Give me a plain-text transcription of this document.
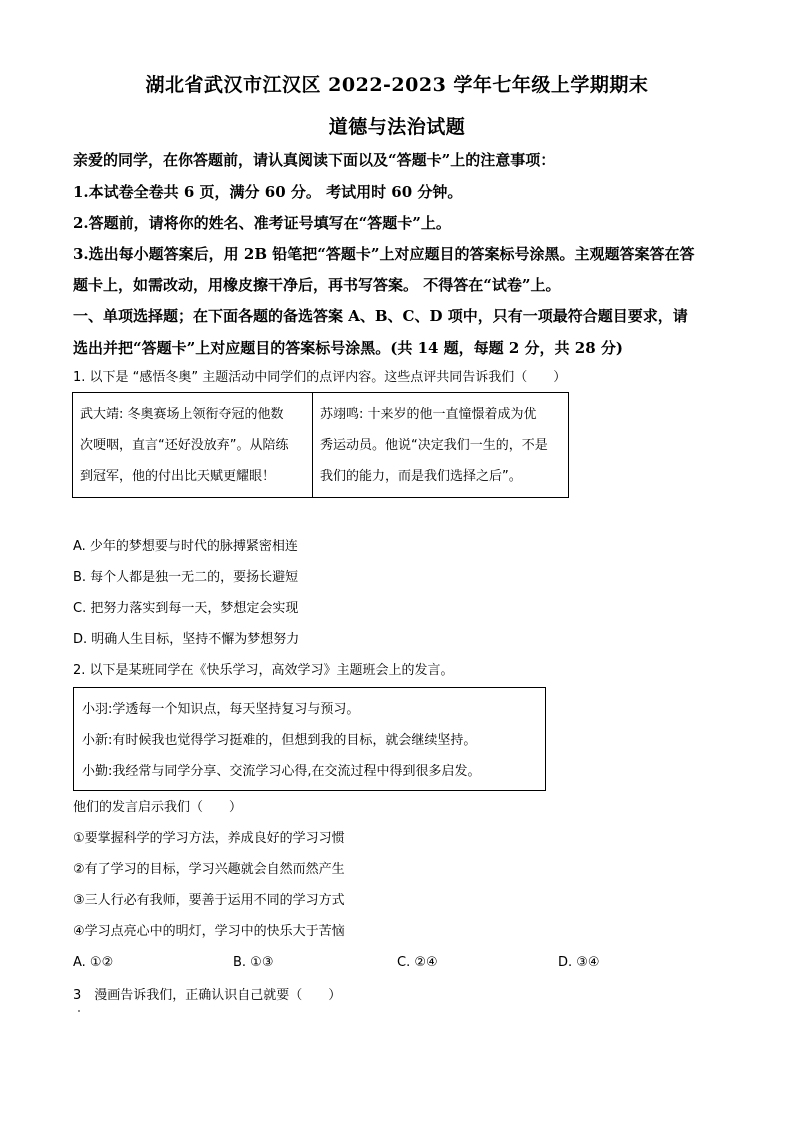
湖北省武汉市江汉区 2022-2023 学年七年级上学期期末
道德与法治试题
亲爱的同学，在你答题前，请认真阅读下面以及“答题卡”上的注意事项：
1.本试卷全卷共 6 页，满分 60 分。 考试用时 60 分钟。
2.答题前，请将你的姓名、准考证号填写在“答题卡”上。
3.选出每小题答案后，用 2B 铅笔把“答题卡”上对应题目的答案标号涂黑。主观题答案答在答
题卡上，如需改动，用橡皮擦干净后，再书写答案。 不得答在“试卷”上。
一、单项选择题；在下面各题的备选答案 A、B、C、D 项中，只有一项最符合题目要求，请
选出并把“答题卡”上对应题目的答案标号涂黑。(共 14 题，每题 2 分，共 28 分)
1. 以下是 “感悟冬奥” 主题活动中同学们的点评内容。这些点评共同告诉我们（　　）
武大靖: 冬奥赛场上领衔夺冠的他数
次哽咽，直言“还好没放弃”。从陪练
到冠军，他的付出比天赋更耀眼！
苏翊鸣: 十来岁的他一直憧憬着成为优
秀运动员。他说“决定我们一生的，不是
我们的能力，而是我们选择之后”。
A. 少年的梦想要与时代的脉搏紧密相连
B. 每个人都是独一无二的，要扬长避短
C. 把努力落实到每一天，梦想定会实现
D. 明确人生目标，坚持不懈为梦想努力
2. 以下是某班同学在《快乐学习，高效学习》主题班会上的发言。
小羽:学透每一个知识点，每天坚持复习与预习。
小新:有时候我也觉得学习挺难的，但想到我的目标，就会继续坚持。
小勤:我经常与同学分享、交流学习心得,在交流过程中得到很多启发。
他们的发言启示我们（　　）
①要掌握科学的学习方法，养成良好的学习习惯
②有了学习的目标，学习兴趣就会自然而然产生
③三人行必有我师，要善于运用不同的学习方式
④学习点亮心中的明灯，学习中的快乐大于苦恼
A. ①②	B. ①③	C. ②④	D. ③④
3　漫画告诉我们，正确认识自己就要（　　）
